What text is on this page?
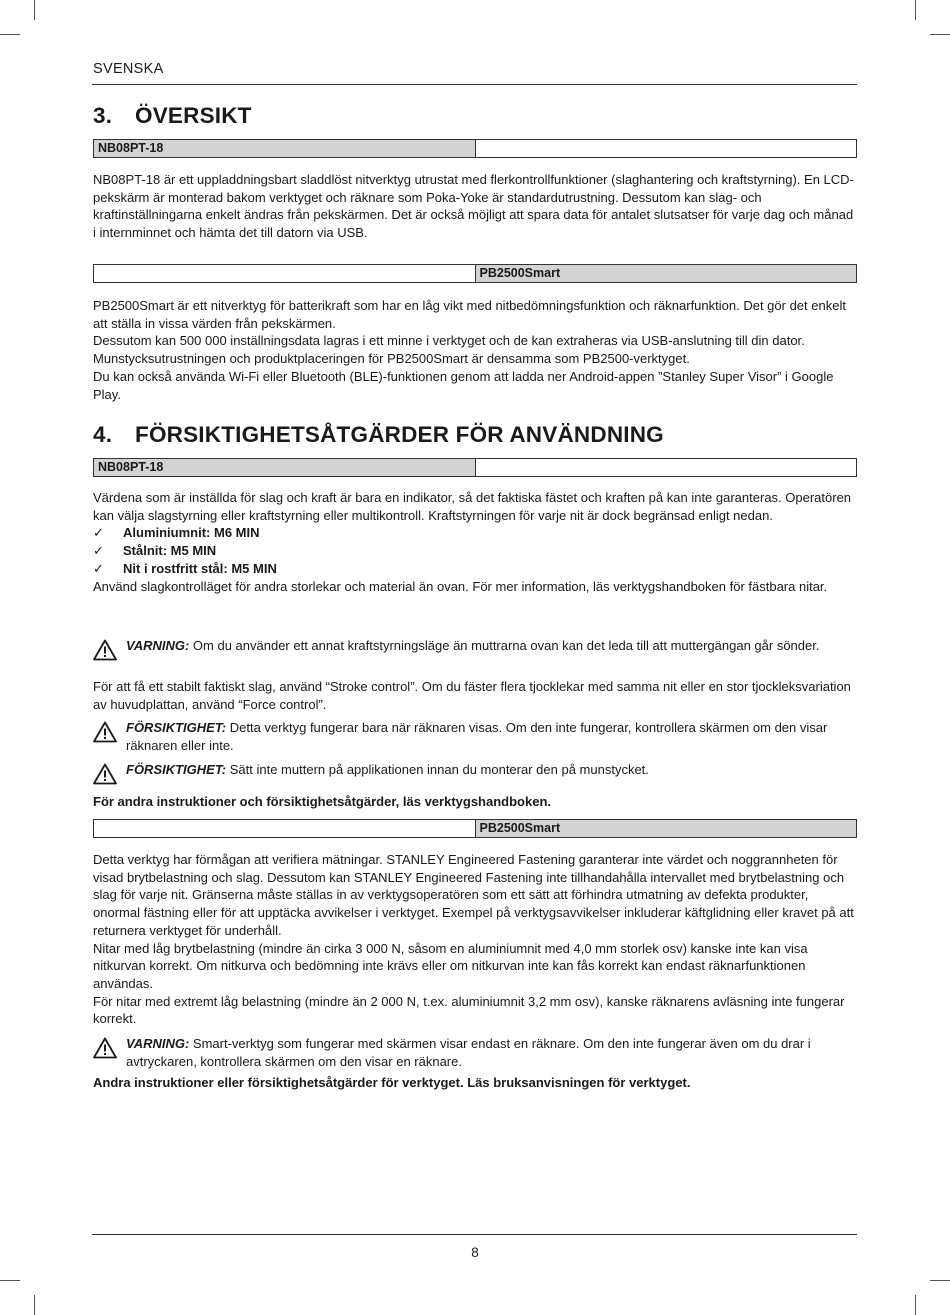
SVENSKA
3. ÖVERSIKT
NB08PT-18

NB08PT-18 är ett uppladdningsbart sladdlöst nitverktyg utrustat med flerkontrollfunktioner (slaghantering och kraftstyrning). En LCD-pekskärm är monterad bakom verktyget och räknare som Poka-Yoke är standardutrustning. Dessutom kan slag- och kraftinställningarna enkelt ändras från pekskärmen. Det är också möjligt att spara data för antalet slutsatser för varje dag och månad i internminnet och hämta det till datorn via USB.

PB2500Smart

PB2500Smart är ett nitverktyg för batterikraft som har en låg vikt med nitbedömningsfunktion och räknarfunktion. Det gör det enkelt att ställa in vissa värden från pekskärmen.

Dessutom kan 500 000 inställningsdata lagras i ett minne i verktyget och de kan extraheras via USB-anslutning till din dator.

Munstycksutrustningen och produktplaceringen för PB2500Smart är densamma som PB2500-verktyget.

Du kan också använda Wi-Fi eller Bluetooth (BLE)-funktionen genom att ladda ner Android-appen ”Stanley Super Visor” i Google Play.

4. FÖRSIKTIGHETSÅTGÄRDER FÖR ANVÄNDNING
NB08PT-18

Värdena som är inställda för slag och kraft är bara en indikator, så det faktiska fästet och kraften på kan inte garanteras. Operatören kan välja slagstyrning eller kraftstyrning eller multikontroll. Kraftstyrningen för varje nit är dock begränsad enligt nedan.

✓	Aluminiumnit: M6 MIN
✓	Stålnit: M5 MIN
✓	Nit i rostfritt stål: M5 MIN

Använd slagkontrolläget för andra storlekar och material än ovan. För mer information, läs verktygshandboken för fästbara nitar.

VARNING: Om du använder ett annat kraftstyrningsläge än muttrarna ovan kan det leda till att muttergängan går sönder.

För att få ett stabilt faktiskt slag, använd “Stroke control”. Om du fäster flera tjocklekar med samma nit eller en stor tjockleksvariation av huvudplattan, använd “Force control”.

FÖRSIKTIGHET: Detta verktyg fungerar bara när räknaren visas. Om den inte fungerar, kontrollera skärmen om den visar räknaren eller inte.
FÖRSIKTIGHET: Sätt inte muttern på applikationen innan du monterar den på munstycket.
För andra instruktioner och försiktighetsåtgärder, läs verktygshandboken.
PB2500Smart

Detta verktyg har förmågan att verifiera mätningar. STANLEY Engineered Fastening garanterar inte värdet och noggrannheten för visad brytbelastning och slag. Dessutom kan STANLEY Engineered Fastening inte tillhandahålla intervallet med brytbelastning och slag för varje nit. Gränserna måste ställas in av verktygsoperatören som ett sätt att förhindra utmatning av defekta produkter, onormal fästning eller för att upptäcka avvikelser i verktyget. Exempel på verktygsavvikelser inkluderar käftglidning eller kravet på att returnera verktyget för underhåll.

Nitar med låg brytbelastning (mindre än cirka 3 000 N, såsom en aluminiumnit med 4,0 mm storlek osv) kanske inte kan visa nitkurvan korrekt. Om nitkurva och bedömning inte krävs eller om nitkurvan inte kan fås korrekt kan endast räknarfunktionen användas.

För nitar med extremt låg belastning (mindre än 2 000 N, t.ex. aluminiumnit 3,2 mm osv), kanske räknarens avläsning inte fungerar korrekt.

VARNING: Smart-verktyg som fungerar med skärmen visar endast en räknare. Om den inte fungerar även om du drar i avtryckaren, kontrollera skärmen om den visar en räknare.
Andra instruktioner eller försiktighetsåtgärder för verktyget. Läs bruksanvisningen för verktyget.
8
